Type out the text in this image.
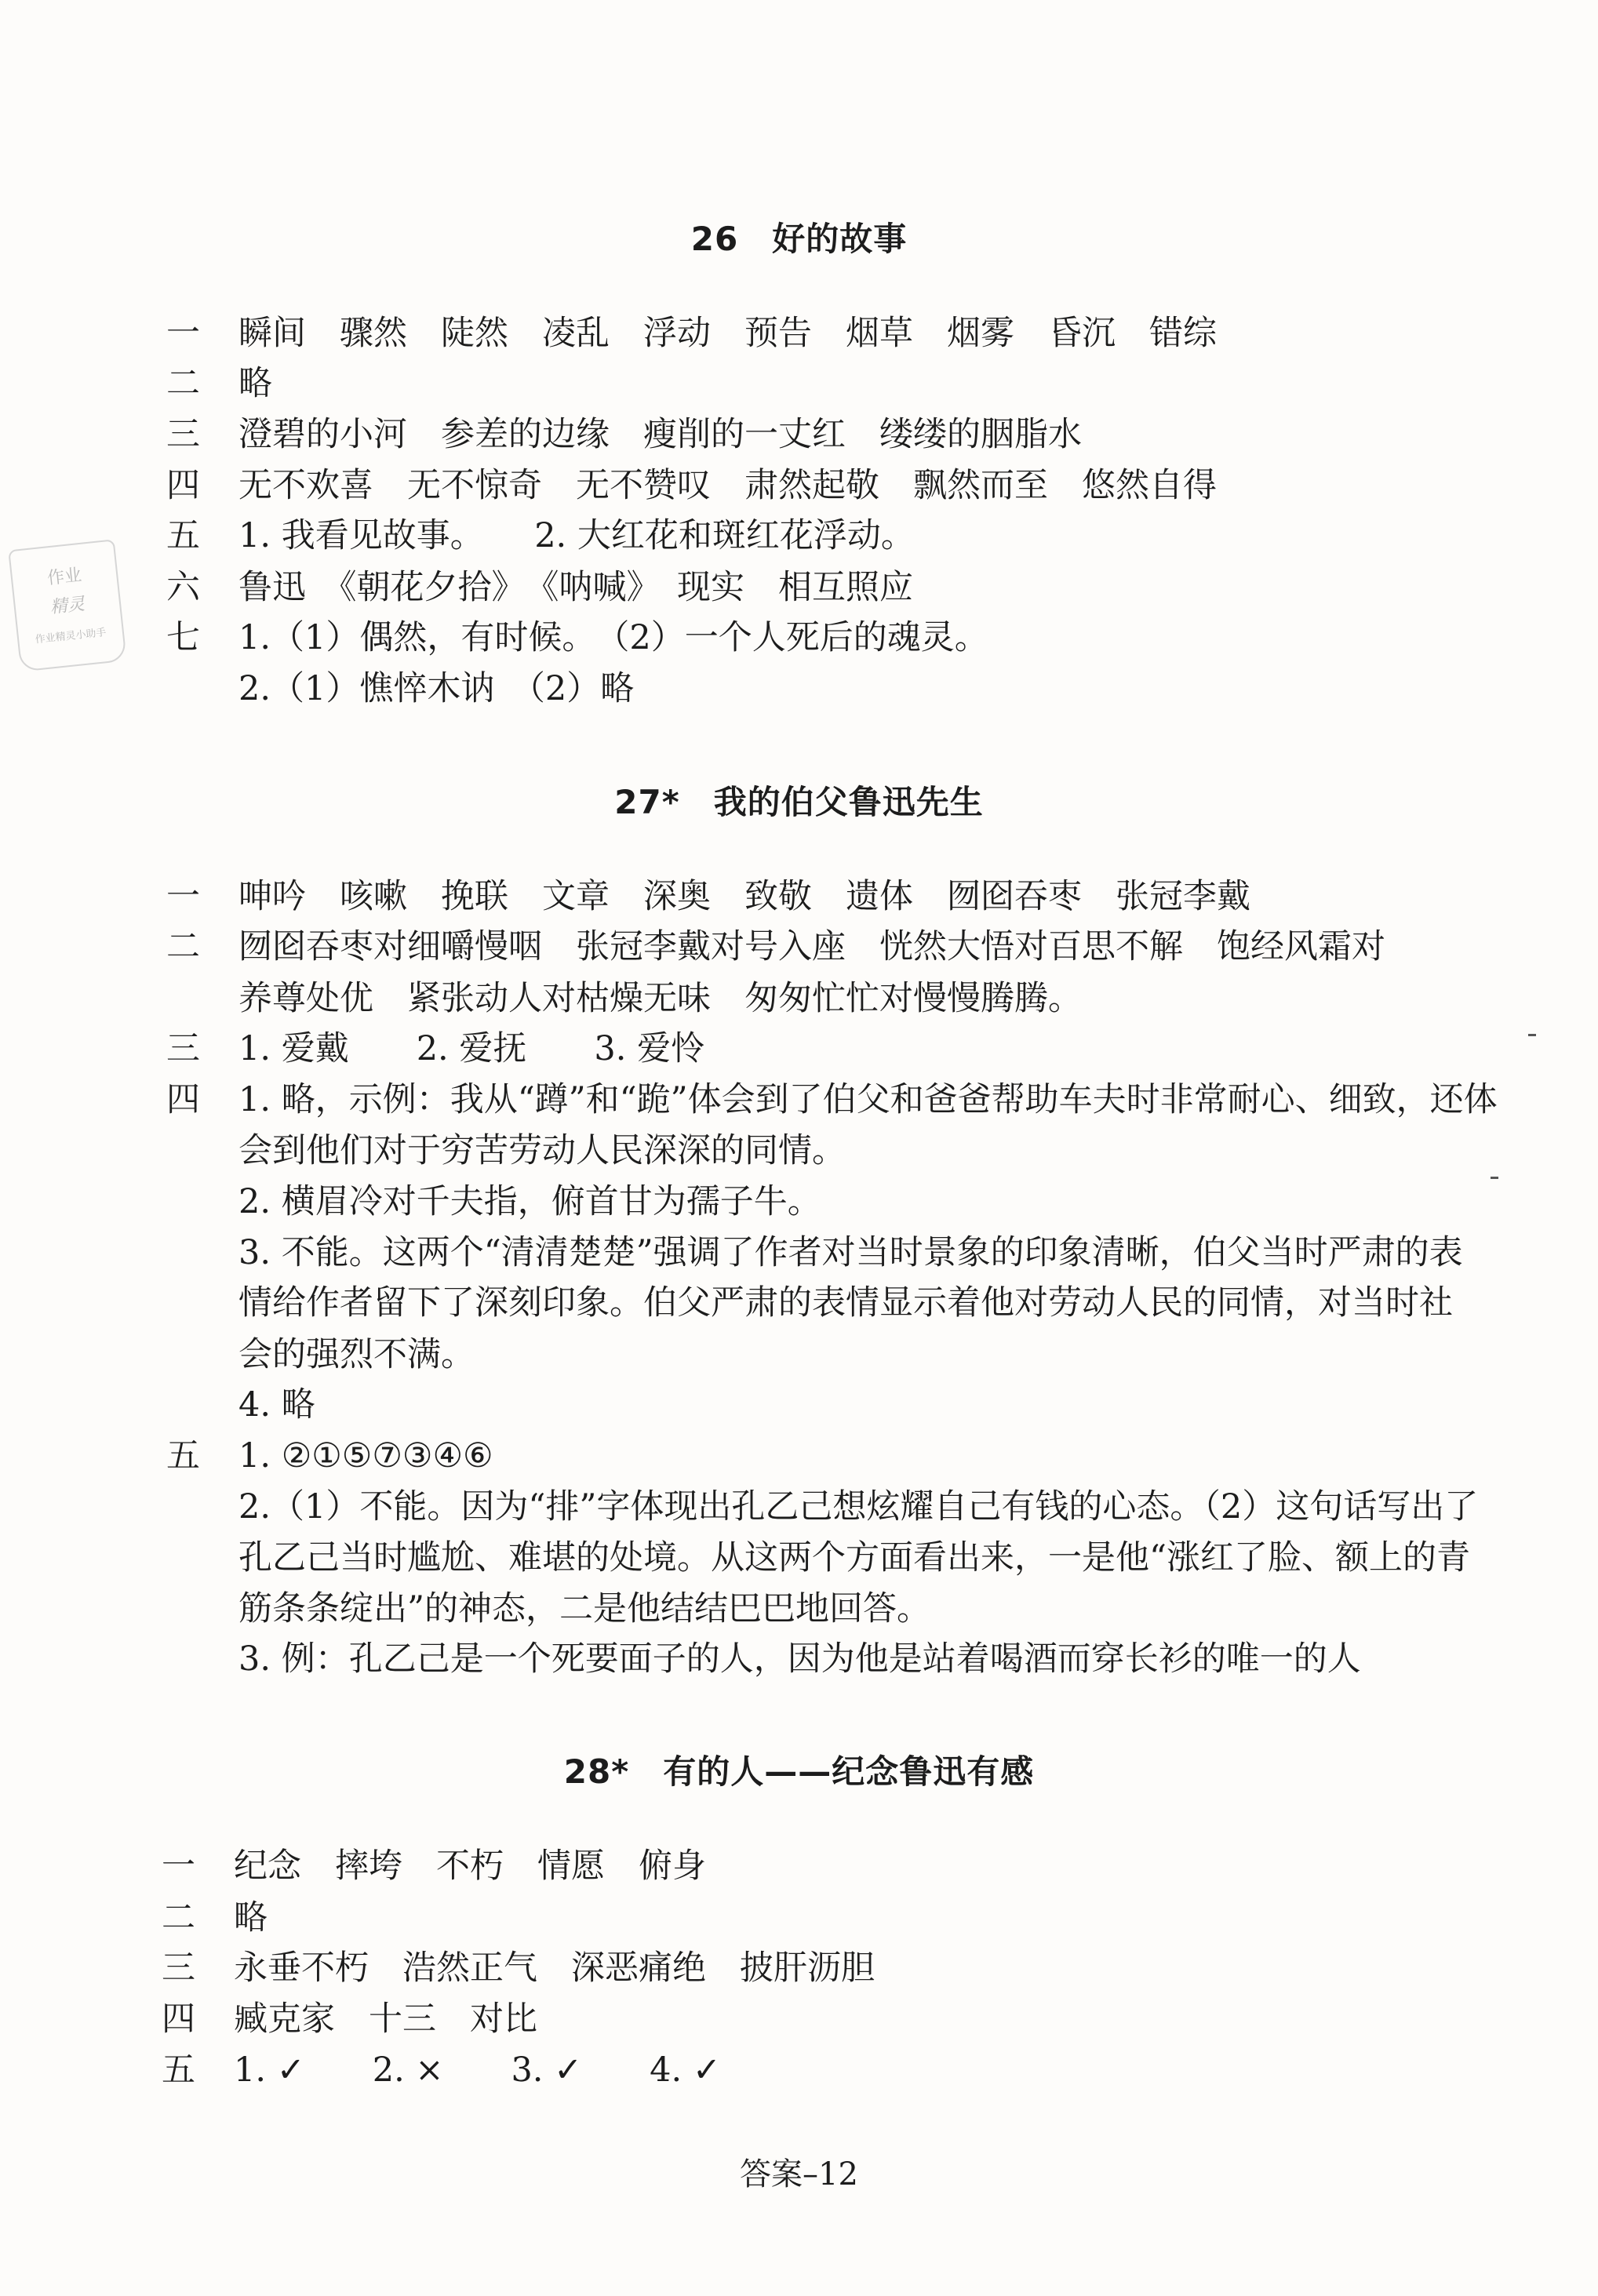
作业
精灵
作业精灵小助手
26　好的故事
一	瞬间　骤然　陡然　凌乱　浮动　预告　烟草　烟雾　昏沉　错综
二	略
三	澄碧的小河　参差的边缘　瘦削的一丈红　缕缕的胭脂水
四	无不欢喜　无不惊奇　无不赞叹　肃然起敬　飘然而至　悠然自得
五	1. 我看见故事。　　2. 大红花和斑红花浮动。
六	鲁迅　《朝花夕拾》　《呐喊》　现实　相互照应
七	1.（1）偶然，有时候。　（2）一个人死后的魂灵。
2.（1）憔悴木讷　（2）略
27*　我的伯父鲁迅先生
一	呻吟　咳嗽　挽联　文章　深奥　致敬　遗体　囫囵吞枣　张冠李戴
二	囫囵吞枣对细嚼慢咽　张冠李戴对号入座　恍然大悟对百思不解　饱经风霜对
养尊处优　紧张动人对枯燥无味　匆匆忙忙对慢慢腾腾。
三	1. 爱戴　　2. 爱抚　　3. 爱怜
四	1. 略，示例：我从“蹲”和“跪”体会到了伯父和爸爸帮助车夫时非常耐心、细致，还体
会到他们对于穷苦劳动人民深深的同情。
2. 横眉冷对千夫指，俯首甘为孺子牛。
3. 不能。这两个“清清楚楚”强调了作者对当时景象的印象清晰，伯父当时严肃的表
情给作者留下了深刻印象。伯父严肃的表情显示着他对劳动人民的同情，对当时社
会的强烈不满。
4. 略
五	1. ②①⑤⑦③④⑥
2.（1）不能。因为“排”字体现出孔乙己想炫耀自己有钱的心态。（2）这句话写出了
孔乙己当时尴尬、难堪的处境。从这两个方面看出来，一是他“涨红了脸、额上的青
筋条条绽出”的神态，二是他结结巴巴地回答。
3. 例：孔乙己是一个死要面子的人，因为他是站着喝酒而穿长衫的唯一的人
28*　有的人——纪念鲁迅有感
一	纪念　摔垮　不朽　情愿　俯身
二	略
三	永垂不朽　浩然正气　深恶痛绝　披肝沥胆
四	臧克家　十三　对比
五	1. ✓　　2. ×　　3. ✓　　4. ✓
答案–12
